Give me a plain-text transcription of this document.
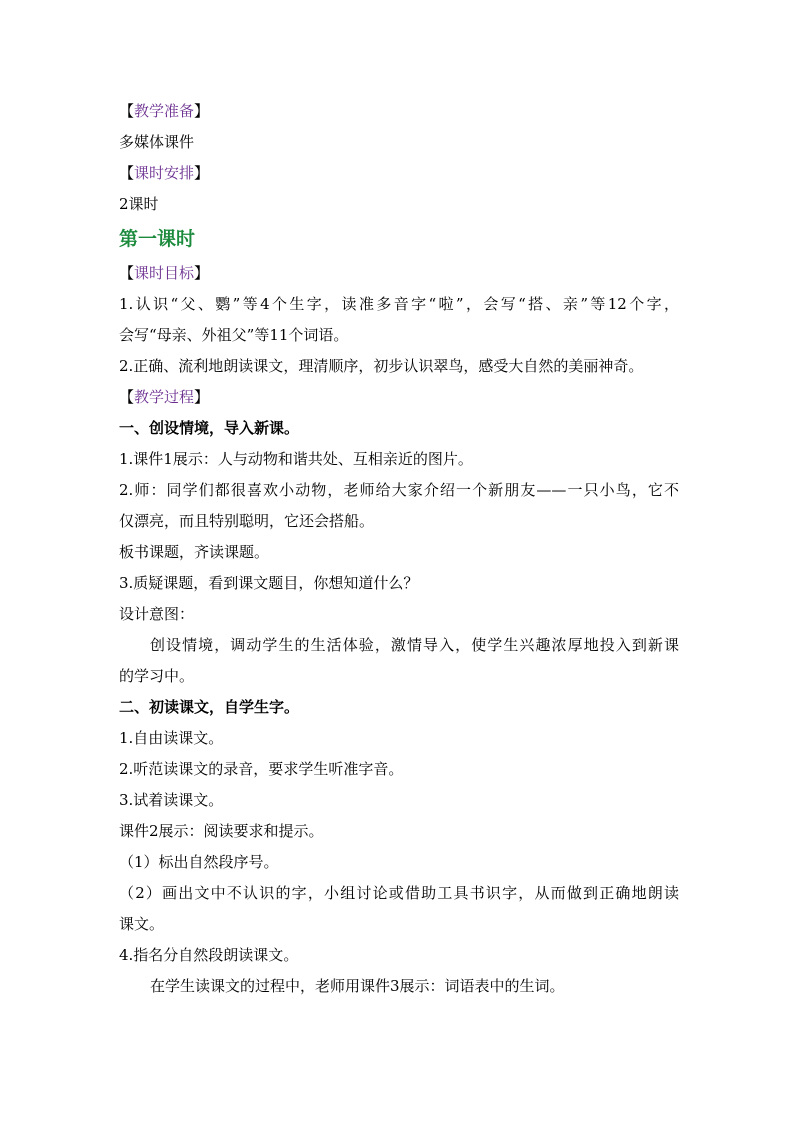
【教学准备】
多媒体课件
【课时安排】
2课时
第一课时
【课时目标】
1.认识“父、鹦”等4个生字，读准多音字“啦”，会写“搭、亲”等12个字，
会写“母亲、外祖父”等11个词语。
2.正确、流利地朗读课文，理清顺序，初步认识翠鸟，感受大自然的美丽神奇。
【教学过程】
一、创设情境，导入新课。
1.课件1展示：人与动物和谐共处、互相亲近的图片。
2.师：同学们都很喜欢小动物，老师给大家介绍一个新朋友——一只小鸟，它不
仅漂亮，而且特别聪明，它还会搭船。
板书课题，齐读课题。
3.质疑课题，看到课文题目，你想知道什么？
设计意图：
创设情境，调动学生的生活体验，激情导入，使学生兴趣浓厚地投入到新课
的学习中。
二、初读课文，自学生字。
1.自由读课文。
2.听范读课文的录音，要求学生听准字音。
3.试着读课文。
课件2展示：阅读要求和提示。
（1）标出自然段序号。
（2）画出文中不认识的字，小组讨论或借助工具书识字，从而做到正确地朗读
课文。
4.指名分自然段朗读课文。
在学生读课文的过程中，老师用课件3展示：词语表中的生词。
